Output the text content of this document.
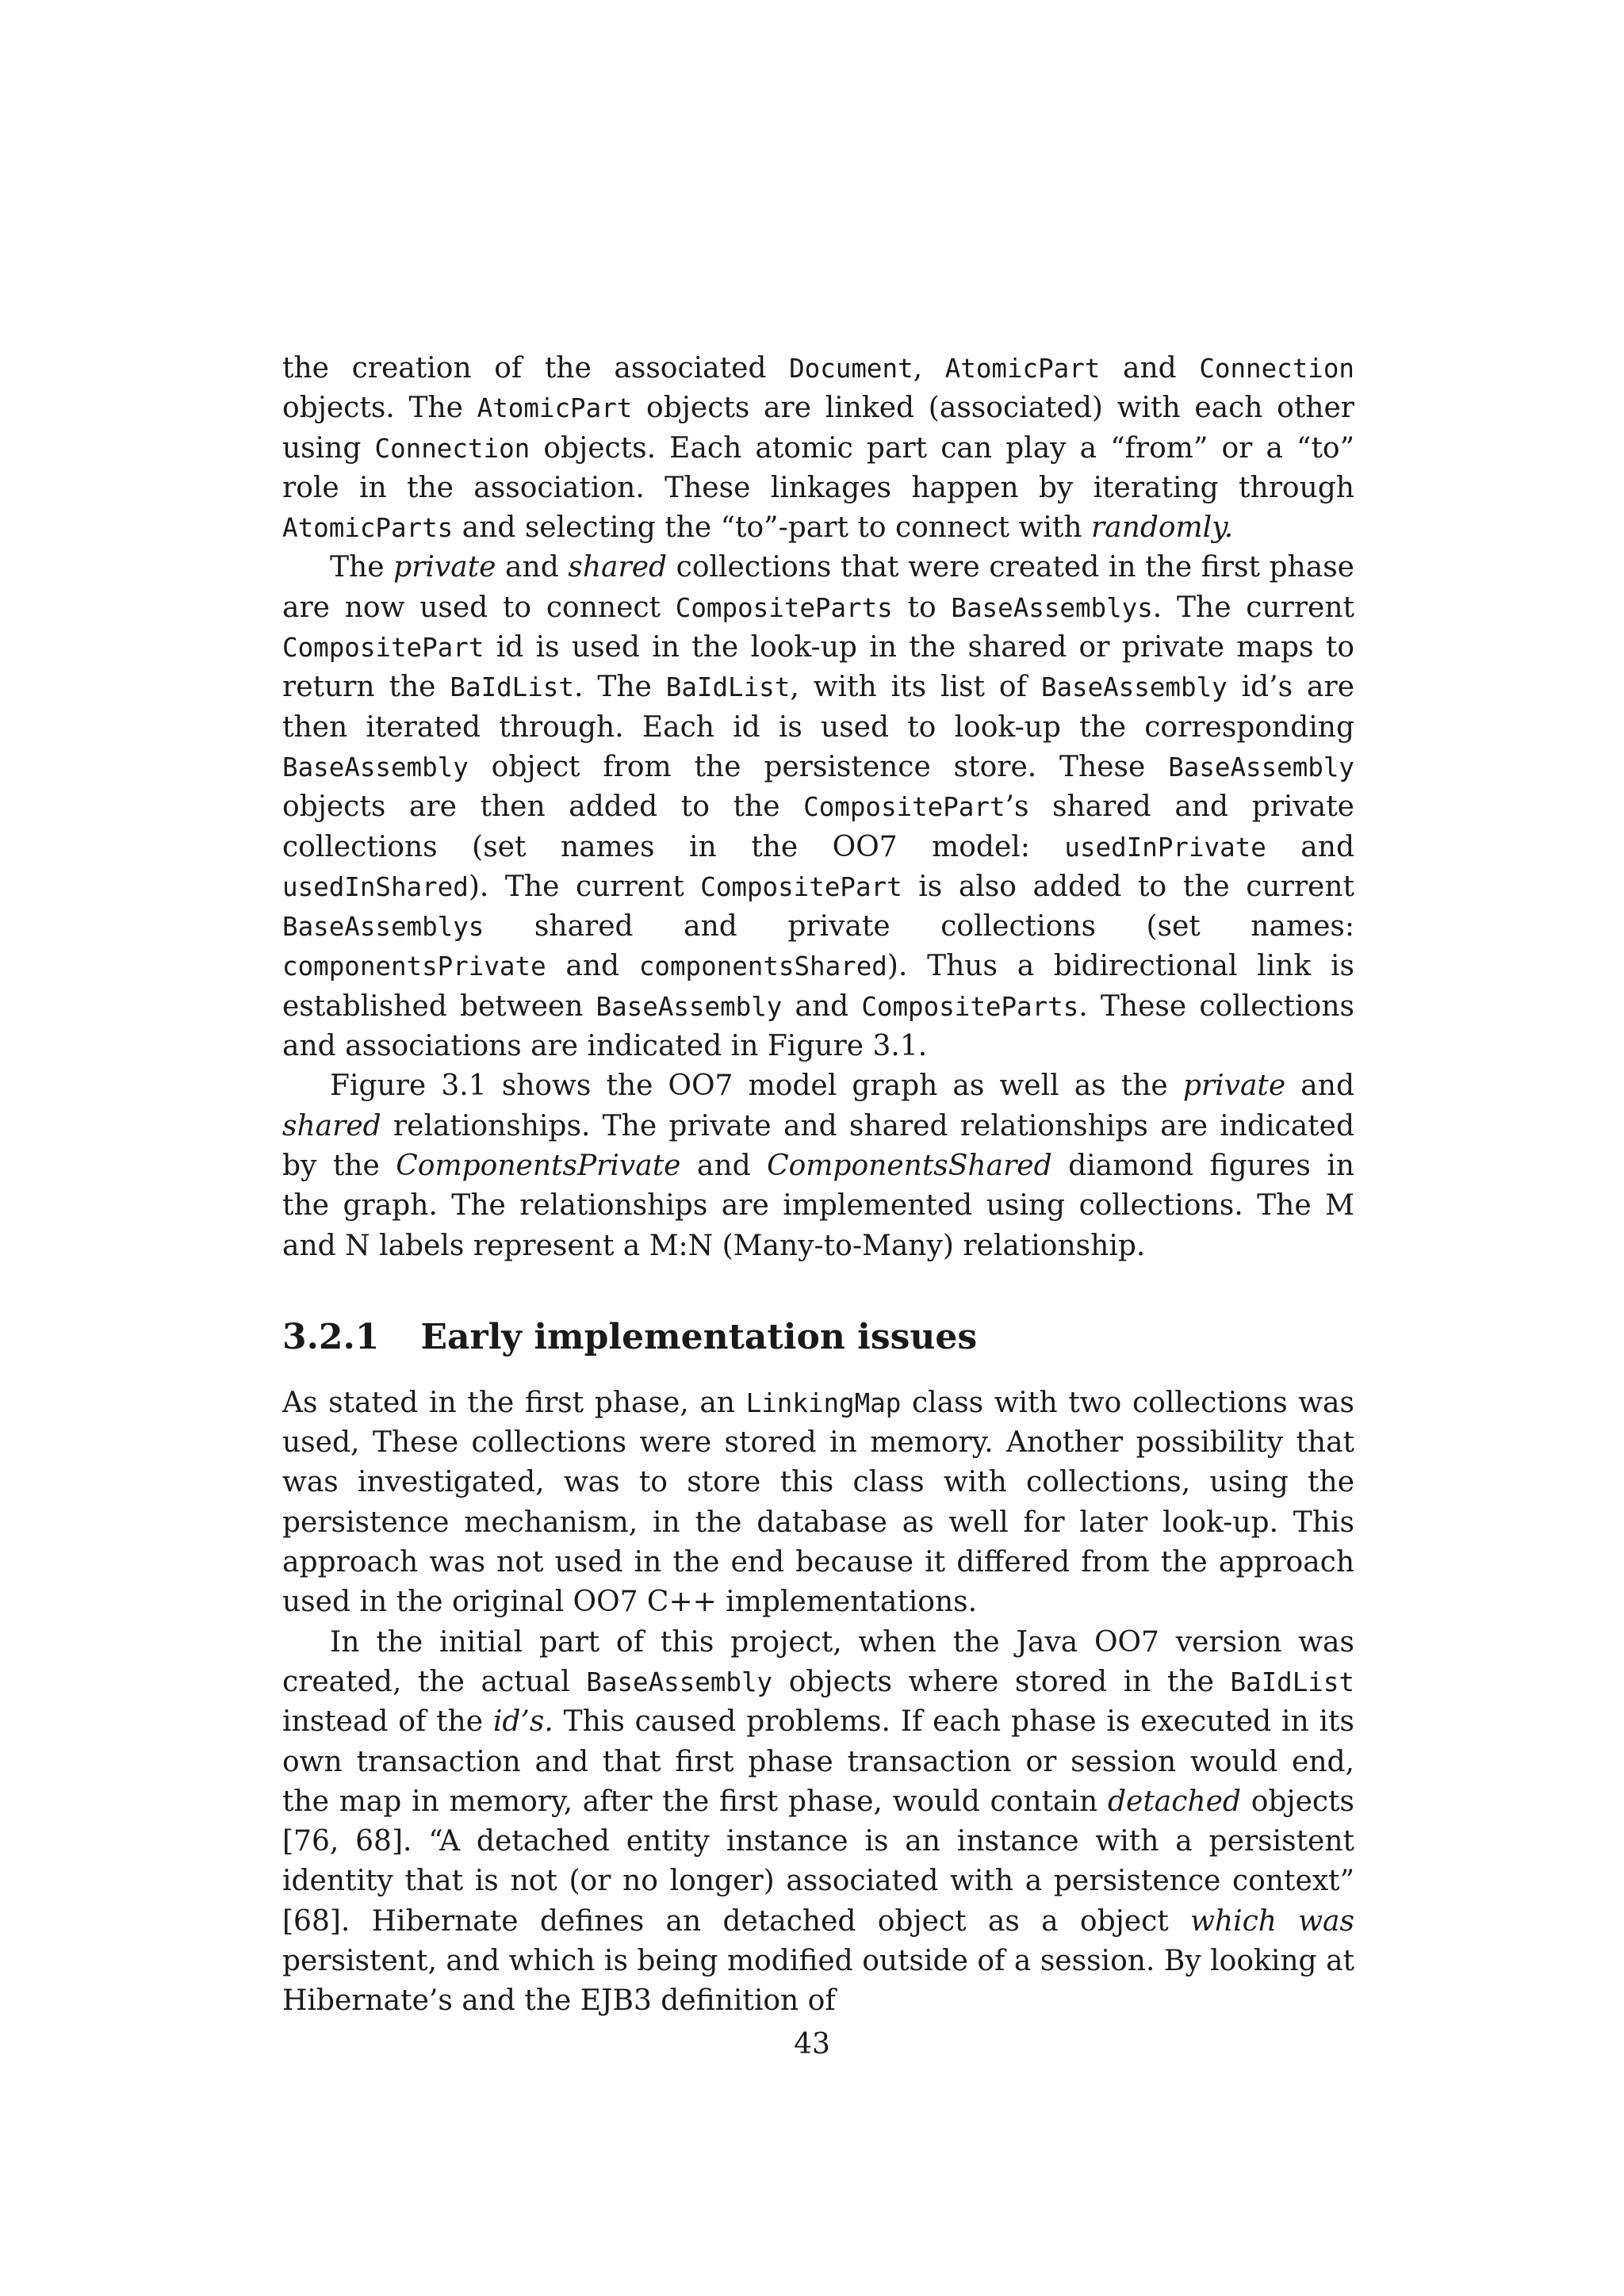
the creation of the associated Document, AtomicPart and Connection objects. The AtomicPart objects are linked (associated) with each other using Connection objects. Each atomic part can play a “from” or a “to” role in the association. These linkages happen by iterating through AtomicParts and selecting the “to”-part to connect with randomly.

The private and shared collections that were created in the first phase are now used to connect CompositeParts to BaseAssemblys. The current CompositePart id is used in the look-up in the shared or private maps to return the BaIdList. The BaIdList, with its list of BaseAssembly id’s are then iterated through. Each id is used to look-up the corresponding BaseAssembly object from the persistence store. These BaseAssembly objects are then added to the CompositePart’s shared and private collections (set names in the OO7 model: usedInPrivate and usedInShared). The current CompositePart is also added to the current BaseAssemblys shared and private collections (set names: componentsPrivate and componentsShared). Thus a bidirectional link is established between BaseAssembly and CompositeParts. These collections and associations are indicated in Figure 3.1.

Figure 3.1 shows the OO7 model graph as well as the private and shared relationships. The private and shared relationships are indicated by the ComponentsPrivate and ComponentsShared diamond figures in the graph. The relationships are implemented using collections. The M and N labels represent a M:N (Many-to-Many) relationship.

3.2.1 Early implementation issues

As stated in the first phase, an LinkingMap class with two collections was used, These collections were stored in memory. Another possibility that was investigated, was to store this class with collections, using the persistence mechanism, in the database as well for later look-up. This approach was not used in the end because it differed from the approach used in the original OO7 C++ implementations.

In the initial part of this project, when the Java OO7 version was created, the actual BaseAssembly objects where stored in the BaIdList instead of the id’s. This caused problems. If each phase is executed in its own transaction and that first phase transaction or session would end, the map in memory, after the first phase, would contain detached objects [76, 68]. “A detached entity instance is an instance with a persistent identity that is not (or no longer) associated with a persistence context” [68]. Hibernate defines an detached object as a object which was persistent, and which is being modified outside of a session. By looking at Hibernate’s and the EJB3 definition of

43
